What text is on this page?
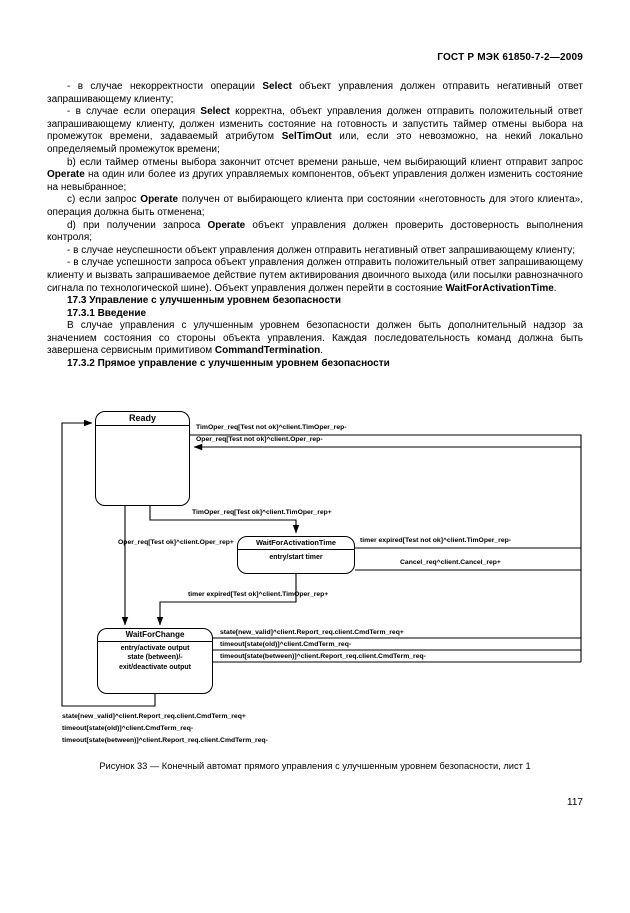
ГОСТ Р МЭК 61850-7-2—2009

- в случае некорректности операции Select объект управления должен отправить негативный ответ запрашивающему клиенту;

- в случае если операция Select корректна, объект управления должен отправить положительный ответ запрашивающему клиенту, должен изменить состояние на готовность и запустить таймер отмены выбора на промежуток времени, задаваемый атрибутом SelTimOut или, если это невозможно, на некий локально определяемый промежуток времени;

b) если таймер отмены выбора закончит отсчет времени раньше, чем выбирающий клиент отправит запрос Operate на один или более из других управляемых компонентов, объект управления должен изменить состояние на невыбранное;

c) если запрос Operate получен от выбирающего клиента при состоянии «неготовность для этого клиента», операция должна быть отменена;

d) при получении запроса Operate объект управления должен проверить достоверность выполнения контроля;

- в случае неуспешности объект управления должен отправить негативный ответ запрашивающему клиенту;

- в случае успешности запроса объект управления должен отправить положительный ответ запрашивающему клиенту и вызвать запрашиваемое действие путем активирования двоичного выхода (или посылки равнозначного сигнала по технологической шине). Объект управления должен перейти в состояние WaitForActivationTime.

17.3 Управление с улучшенным уровнем безопасности

17.3.1 Введение

В случае управления с улучшенным уровнем безопасности должен быть дополнительный надзор за значением состояния со стороны объекта управления. Каждая последовательность команд должна быть завершена сервисным примитивом CommandTermination.

17.3.2 Прямое управление с улучшенным уровнем безопасности

Ready
WaitForActivationTime
entry/start timer
WaitForChange
entry/activate output
state (between)/-
exit/deactivate output
TimOper_req[Test not ok]^client.TimOper_rep-
Oper_req[Test not ok]^client.Oper_rep-
TimOper_req[Test ok]^client.TimOper_rep+
Oper_req[Test ok]^client.Oper_rep+	timer expired[Test not ok]^client.TimOper_rep-
Cancel_req^client.Cancel_rep+
timer expired[Test ok]^client.TimOper_rep+
state[new_valid]^client.Report_req.client.CmdTerm_req+
timeout[state(old)]^client.CmdTerm_req-
timeout[state(between)]^client.Report_req.client.CmdTerm_req-
state[new_valid]^client.Report_req.client.CmdTerm_req+
timeout[state(old)]^client.CmdTerm_req-
timeout[state(between)]^client.Report_req.client.CmdTerm_req-
Рисунок 33 — Конечный автомат прямого управления с улучшенным уровнем безопасности, лист 1
117
